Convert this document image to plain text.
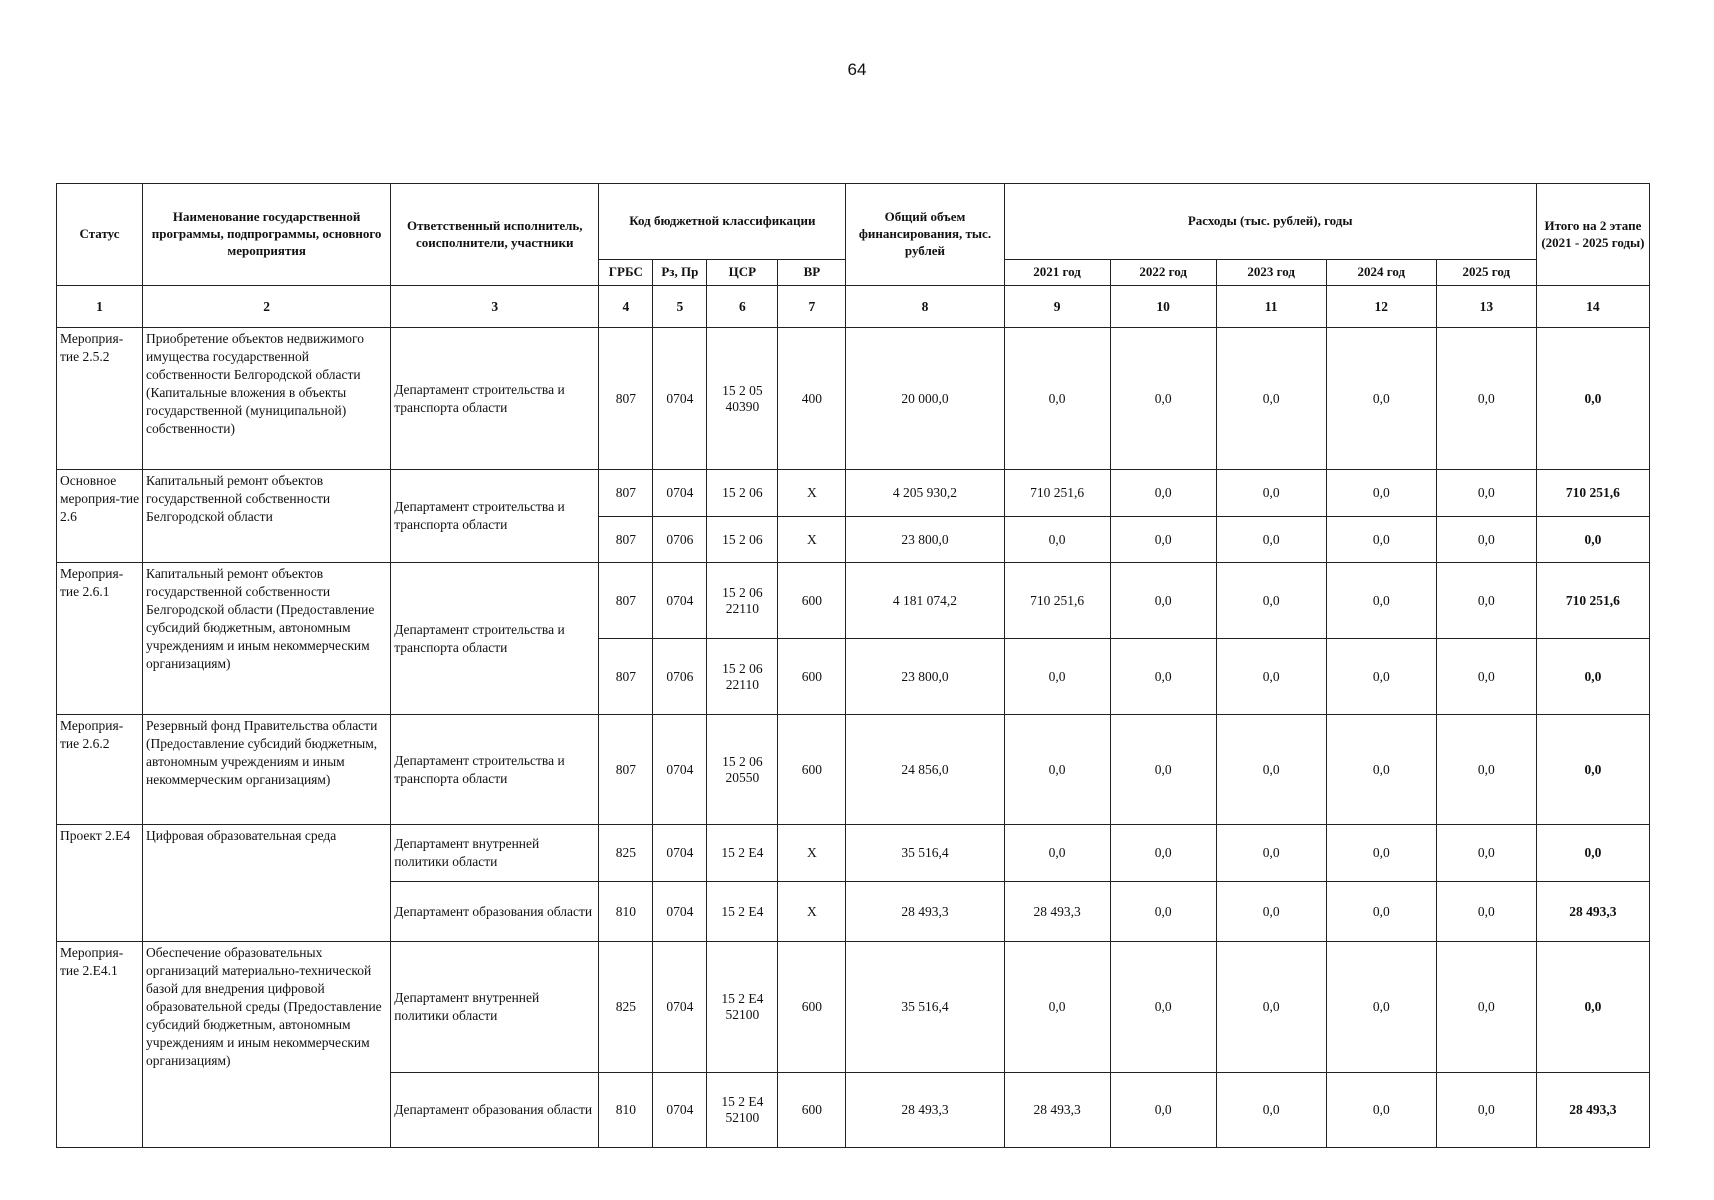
64
Статус	Наименование государственной программы, подпрограммы, основного мероприятия	Ответственный исполнитель, соисполнители, участники	Код бюджетной классификации				Общий объем финансирования, тыс. рублей	Расходы (тыс. рублей), годы					Итого на 2 этапе (2021 - 2025 годы)
			ГРБС	Рз, Пр	ЦСР	ВР		2021 год	2022 год	2023 год	2024 год	2025 год	
1	2	3	4	5	6	7	8	9	10	11	12	13	14
Мероприя-тие 2.5.2	Приобретение объектов недвижимого имущества государственной собственности Белгородской области (Капитальные вложения в объекты государственной (муниципальной) собственности)	Департамент строительства и транспорта области	807	0704	15 2 05 40390	400	20 000,0	0,0	0,0	0,0	0,0	0,0	0,0
Основное мероприя-тие 2.6	Капитальный ремонт объектов государственной собственности Белгородской области	Департамент строительства и транспорта области	807	0704	15 2 06	Х	4 205 930,2	710 251,6	0,0	0,0	0,0	0,0	710 251,6
			807	0706	15 2 06	Х	23 800,0	0,0	0,0	0,0	0,0	0,0	0,0
Мероприя-тие 2.6.1	Капитальный ремонт объектов государственной собственности Белгородской области (Предоставление субсидий бюджетным, автономным учреждениям и иным некоммерческим организациям)	Департамент строительства и транспорта области	807	0704	15 2 06 22110	600	4 181 074,2	710 251,6	0,0	0,0	0,0	0,0	710 251,6
			807	0706	15 2 06 22110	600	23 800,0	0,0	0,0	0,0	0,0	0,0	0,0
Мероприя-тие 2.6.2	Резервный фонд Правительства области (Предоставление субсидий бюджетным, автономным учреждениям и иным некоммерческим организациям)	Департамент строительства и транспорта области	807	0704	15 2 06 20550	600	24 856,0	0,0	0,0	0,0	0,0	0,0	0,0
Проект 2.Е4	Цифровая образовательная среда	Департамент внутренней политики области	825	0704	15 2 Е4	Х	35 516,4	0,0	0,0	0,0	0,0	0,0	0,0
		Департамент образования области	810	0704	15 2 Е4	Х	28 493,3	28 493,3	0,0	0,0	0,0	0,0	28 493,3
Мероприя-тие 2.Е4.1	Обеспечение образовательных организаций материально-технической базой для внедрения цифровой образовательной среды (Предоставление субсидий бюджетным, автономным учреждениям и иным некоммерческим организациям)	Департамент внутренней политики области	825	0704	15 2 Е4 52100	600	35 516,4	0,0	0,0	0,0	0,0	0,0	0,0
		Департамент образования области	810	0704	15 2 Е4 52100	600	28 493,3	28 493,3	0,0	0,0	0,0	0,0	28 493,3
